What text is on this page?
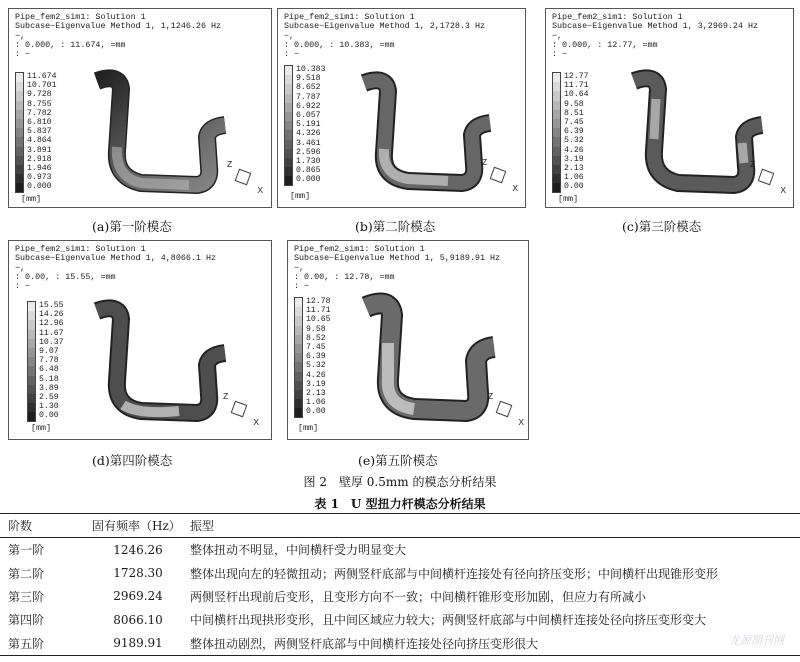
Pipe_fem2_sim1: Solution 1
Subcase−Eigenvalue Method 1, 1,1246.26 Hz
−,
: 0.000, : 11.674, =mm
: −
11.674
10.701
9.728
8.755
7.782
6.810
5.837
4.864
3.891
2.918
1.946
0.973
0.000
[mm]
Z
X
Pipe_fem2_sim1: Solution 1
Subcase−Eigenvalue Method 1, 2,1728.3 Hz
−,
: 0.000, : 10.383, =mm
: −
10.383
9.518
8.652
7.787
6.922
6.057
5.191
4.326
3.461
2.596
1.730
0.865
0.000
[mm]
Z
X
Pipe_fem2_sim1: Solution 1
Subcase−Eigenvalue Method 1, 3,2969.24 Hz
−,
: 0.000, : 12.77, =mm
: −
12.77
11.71
10.64
9.58
8.51
7.45
6.39
5.32
4.26
3.19
2.13
1.06
0.00
[mm]
Z
X
Pipe_fem2_sim1: Solution 1
Subcase−Eigenvalue Method 1, 4,8066.1 Hz
−,
: 0.00, : 15.55, =mm
: −
15.55
14.26
12.96
11.67
10.37
9.07
7.78
6.48
5.18
3.89
2.59
1.30
0.00
[mm]
Z
X
Pipe_fem2_sim1: Solution 1
Subcase−Eigenvalue Method 1, 5,9189.91 Hz
−,
: 0.00, : 12.78, =mm
: −
12.78
11.71
10.65
9.58
8.52
7.45
6.39
5.32
4.26
3.19
2.13
1.06
0.00
[mm]
Z
X
(a)第一阶模态	(b)第二阶模态	(c)第三阶模态
(d)第四阶模态	(e)第五阶模态
图 2　壁厚 0.5mm 的模态分析结果
表 1　U 型扭力杆模态分析结果
阶数	固有频率（Hz）	振型
第一阶	1246.26	整体扭动不明显，中间横杆受力明显变大
第二阶	1728.30	整体出现向左的轻微扭动；两侧竖杆底部与中间横杆连接处有径向挤压变形；中间横杆出现锥形变形
第三阶	2969.24	两侧竖杆出现前后变形，且变形方向不一致；中间横杆锥形变形加剧，但应力有所减小
第四阶	8066.10	中间横杆出现拱形变形，且中间区域应力较大；两侧竖杆底部与中间横杆连接处径向挤压变形变大
第五阶	9189.91	整体扭动剧烈，两侧竖杆底部与中间横杆连接处径向挤压变形很大	龙源期刊网
